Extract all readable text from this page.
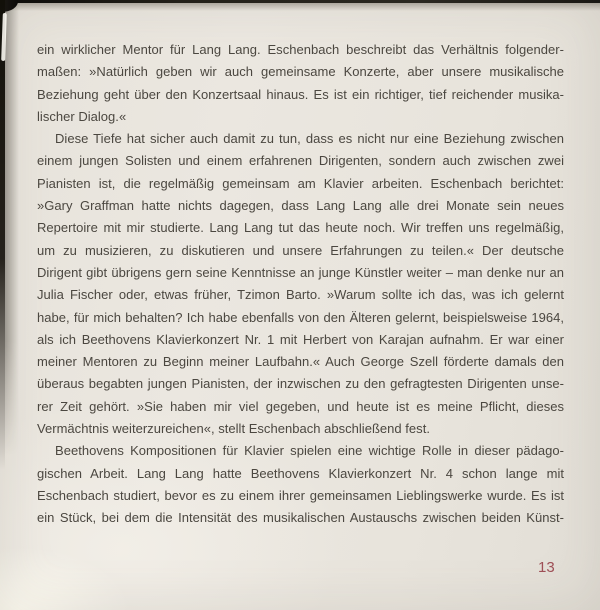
ein wirklicher Mentor für Lang Lang. Eschenbach beschreibt das Verhältnis folgender-
maßen: »Natürlich geben wir auch gemeinsame Konzerte, aber unsere musikalische
Beziehung geht über den Konzertsaal hinaus. Es ist ein richtiger, tief reichender musika-
lischer Dialog.«
Diese Tiefe hat sicher auch damit zu tun, dass es nicht nur eine Beziehung zwischen
einem jungen Solisten und einem erfahrenen Dirigenten, sondern auch zwischen zwei
Pianisten ist, die regelmäßig gemeinsam am Klavier arbeiten. Eschenbach berichtet:
»Gary Graffman hatte nichts dagegen, dass Lang Lang alle drei Monate sein neues
Repertoire mit mir studierte. Lang Lang tut das heute noch. Wir treffen uns regelmäßig,
um zu musizieren, zu diskutieren und unsere Erfahrungen zu teilen.« Der deutsche
Dirigent gibt übrigens gern seine Kenntnisse an junge Künstler weiter – man denke nur an
Julia Fischer oder, etwas früher, Tzimon Barto. »Warum sollte ich das, was ich gelernt
habe, für mich behalten? Ich habe ebenfalls von den Älteren gelernt, beispielsweise 1964,
als ich Beethovens Klavierkonzert Nr. 1 mit Herbert von Karajan aufnahm. Er war einer
meiner Mentoren zu Beginn meiner Laufbahn.« Auch George Szell förderte damals den
überaus begabten jungen Pianisten, der inzwischen zu den gefragtesten Dirigenten unse-
rer Zeit gehört. »Sie haben mir viel gegeben, und heute ist es meine Pflicht, dieses
Vermächtnis weiterzureichen«, stellt Eschenbach abschließend fest.
Beethovens Kompositionen für Klavier spielen eine wichtige Rolle in dieser pädago-
gischen Arbeit. Lang Lang hatte Beethovens Klavierkonzert Nr. 4 schon lange mit
Eschenbach studiert, bevor es zu einem ihrer gemeinsamen Lieblingswerke wurde. Es ist
ein Stück, bei dem die Intensität des musikalischen Austauschs zwischen beiden Künst-
13
